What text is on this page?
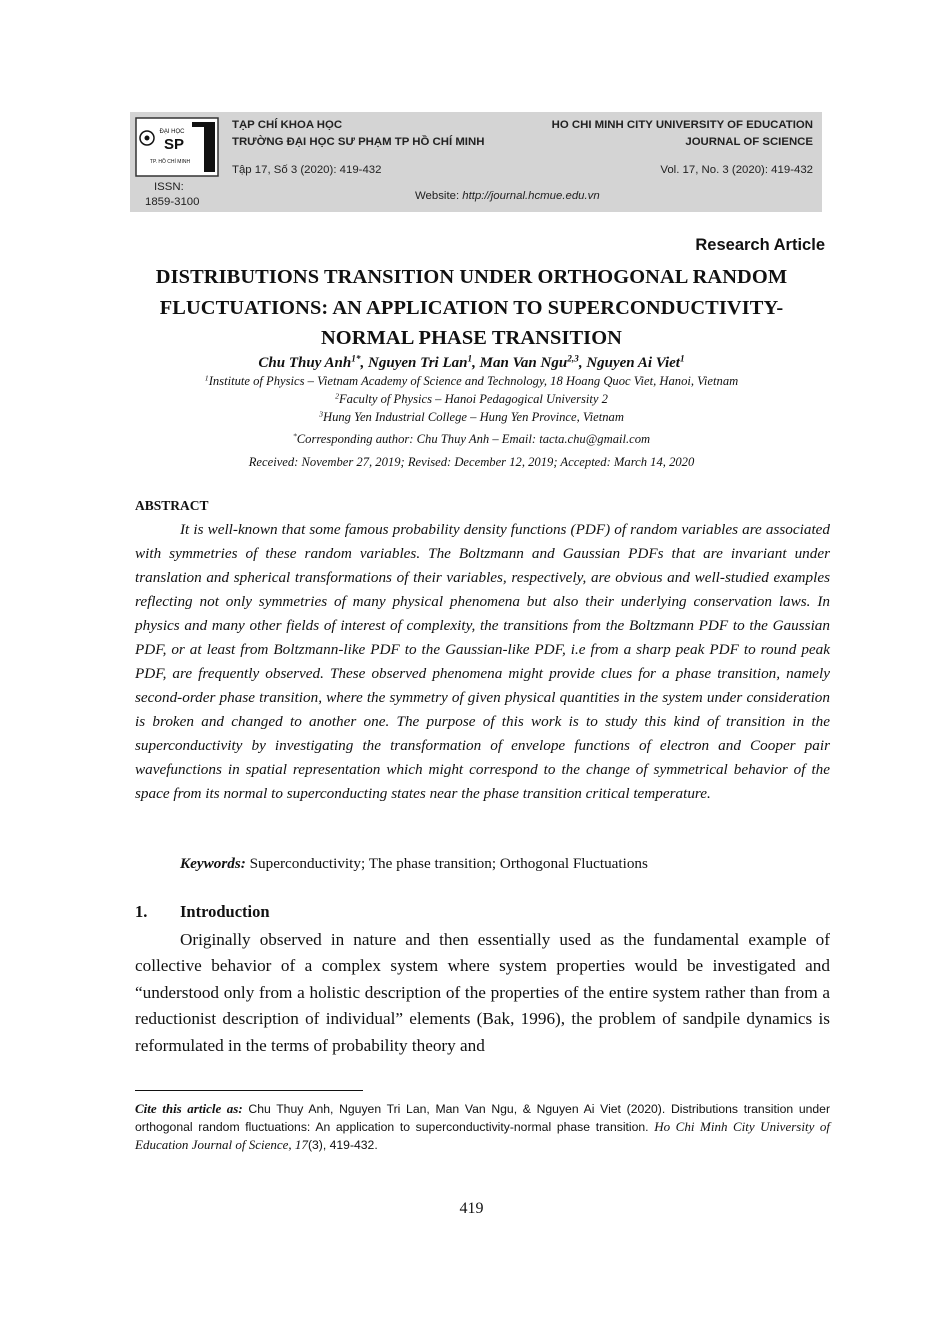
ĐẠI HỌC
SP
TP. HỒ CHÍ MINH
ISSN:
1859-3100
TẠP CHÍ KHOA HỌC
TRƯỜNG ĐẠI HỌC SƯ PHẠM TP HỒ CHÍ MINH
Tập 17, Số 3 (2020): 419-432
HO CHI MINH CITY UNIVERSITY OF EDUCATION
JOURNAL OF SCIENCE
Vol. 17, No. 3 (2020): 419-432
Website: http://journal.hcmue.edu.vn
Research Article
DISTRIBUTIONS TRANSITION UNDER ORTHOGONAL RANDOM
FLUCTUATIONS: AN APPLICATION TO SUPERCONDUCTIVITY-
NORMAL PHASE TRANSITION
Chu Thuy Anh$^{1*}$, Nguyen Tri Lan$^1$, Man Van Ngu$^{2,3}$, Nguyen Ai Viet$^1$
$^1$Institute of Physics – Vietnam Academy of Science and Technology, 18 Hoang Quoc Viet, Hanoi, Vietnam
$^2$Faculty of Physics – Hanoi Pedagogical University 2
$^3$Hung Yen Industrial College – Hung Yen Province, Vietnam
*Corresponding author: Chu Thuy Anh – Email: tacta.chu@gmail.com
Received: November 27, 2019; Revised: December 12, 2019; Accepted: March 14, 2020
ABSTRACT

It is well-known that some famous probability density functions (PDF) of random variables are associated with symmetries of these random variables. The Boltzmann and Gaussian PDFs that are invariant under translation and spherical transformations of their variables, respectively, are obvious and well-studied examples reflecting not only symmetries of many physical phenomena but also their underlying conservation laws. In physics and many other fields of interest of complexity, the transitions from the Boltzmann PDF to the Gaussian PDF, or at least from Boltzmann-like PDF to the Gaussian-like PDF, i.e from a sharp peak PDF to round peak PDF, are frequently observed. These observed phenomena might provide clues for a phase transition, namely second-order phase transition, where the symmetry of given physical quantities in the system under consideration is broken and changed to another one. The purpose of this work is to study this kind of transition in the superconductivity by investigating the transformation of envelope functions of electron and Cooper pair wavefunctions in spatial representation which might correspond to the change of symmetrical behavior of the space from its normal to superconducting states near the phase transition critical temperature.

Keywords: Superconductivity; The phase transition; Orthogonal Fluctuations
1. Introduction

Originally observed in nature and then essentially used as the fundamental example of collective behavior of a complex system where system properties would be investigated and “understood only from a holistic description of the properties of the entire system rather than from a reductionist description of individual” elements (Bak, 1996), the problem of sandpile dynamics is reformulated in the terms of probability theory and

Cite this article as: Chu Thuy Anh, Nguyen Tri Lan, Man Van Ngu, & Nguyen Ai Viet (2020). Distributions transition under orthogonal random fluctuations: An application to superconductivity-normal phase transition. Ho Chi Minh City University of Education Journal of Science, 17(3), 419-432.
419
